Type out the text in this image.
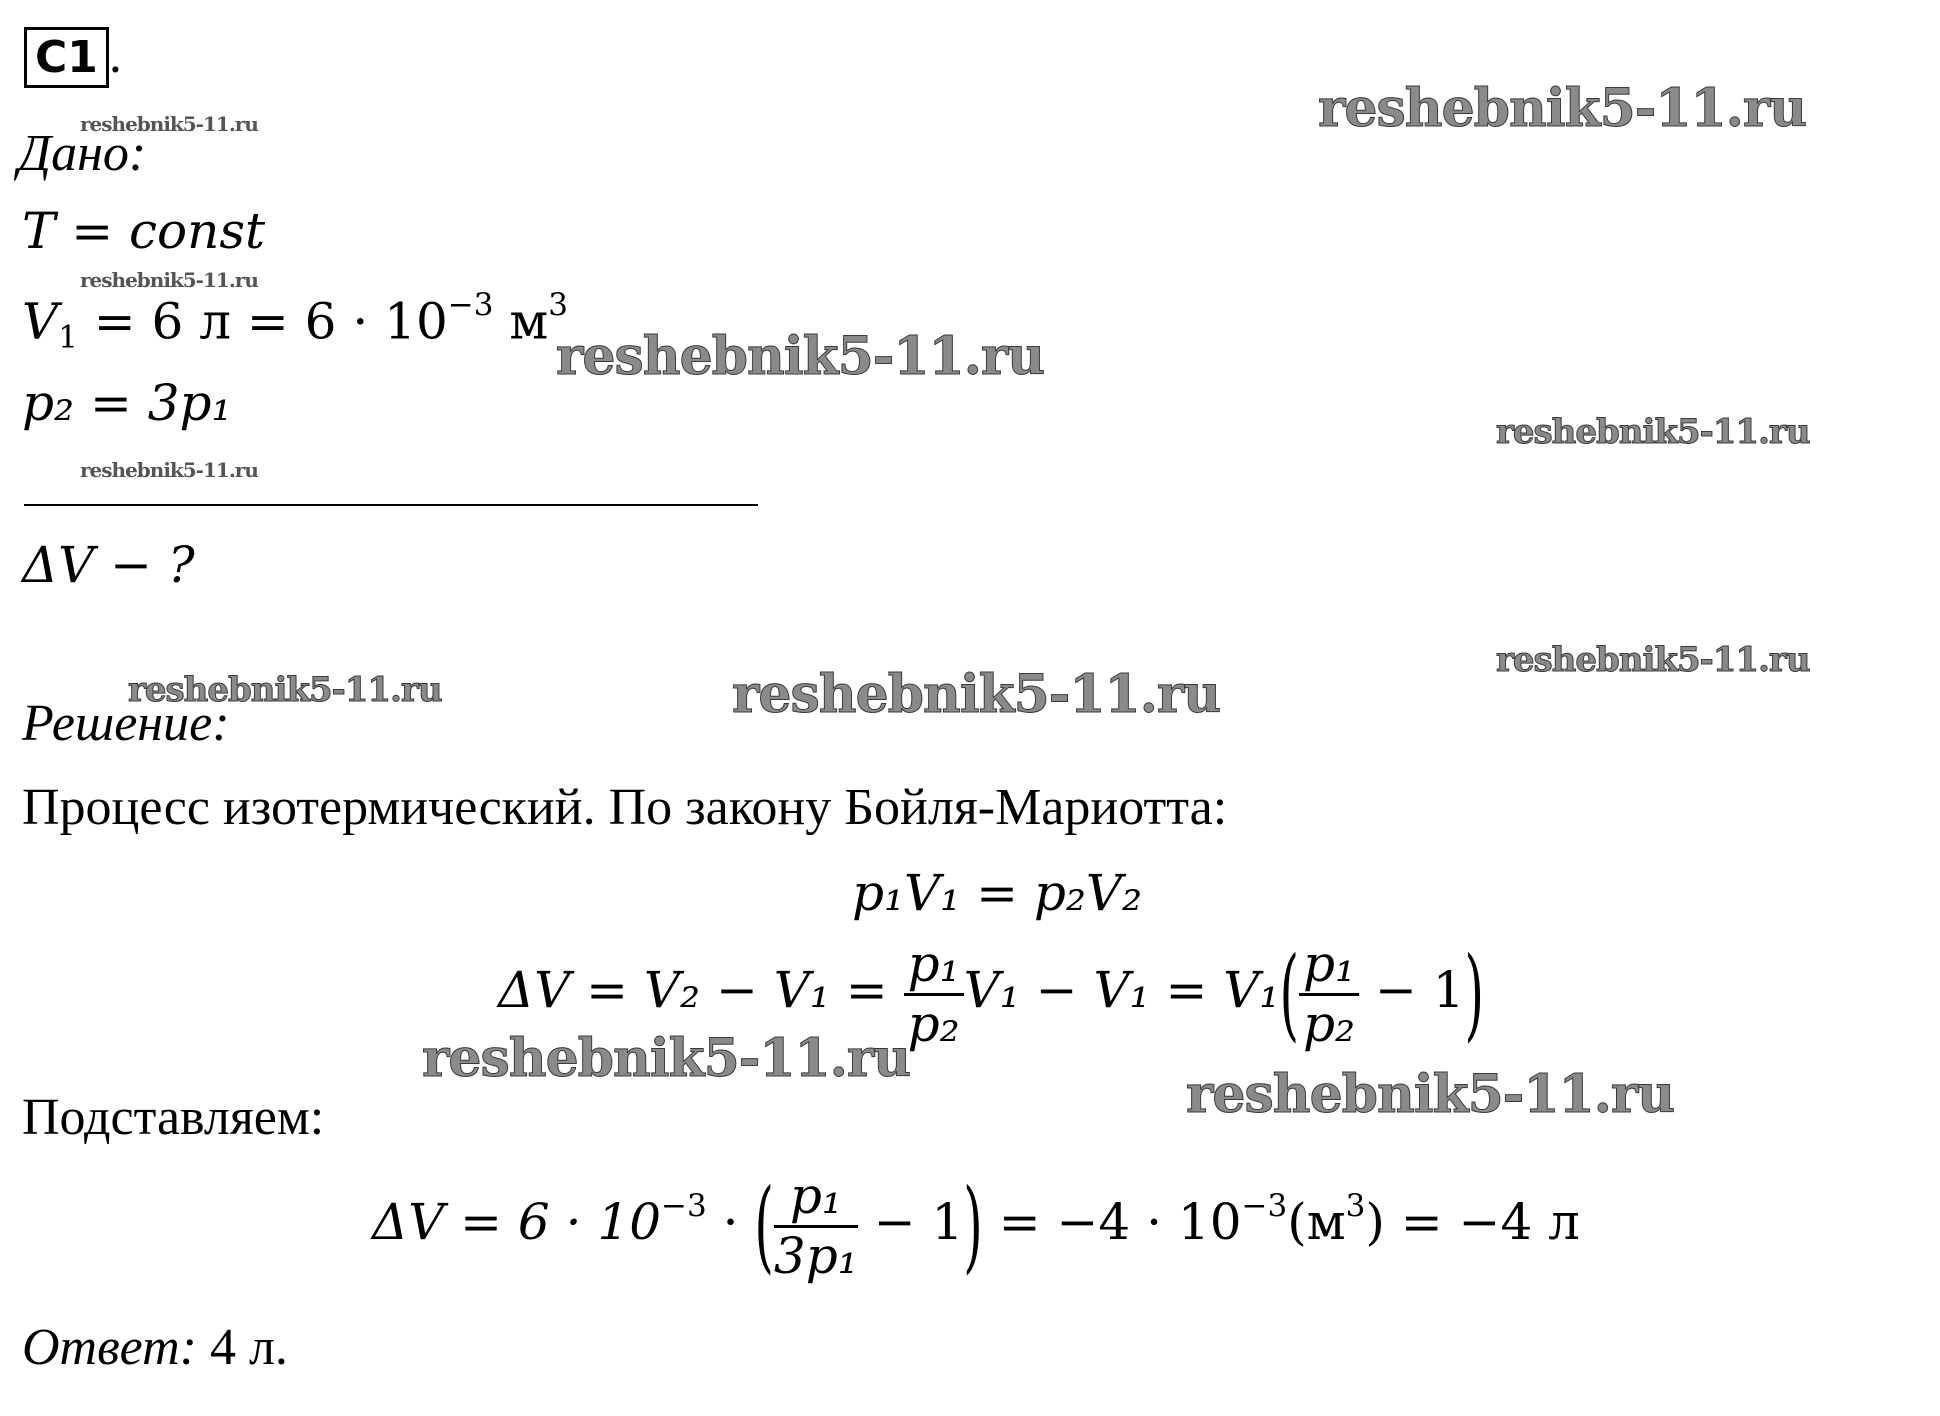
С1 .
Дано:
T = const
$V_1 = 6$ $л = 6 \cdot 10^{-3}$ $м^3$
p₂ = 3p₁
ΔV − ?
Решение:
Процесс изотермический. По закону Бойля-Мариотта:
p₁V₁ = p₂V₂
$\Delta V = V_2 - V_1 = \frac{\text{p₁}}{\text{p₂}} V_1 - V_1 = V_1( \frac{\text{p₁}}{\text{p₂}} - 1)$
Подставляем:
$\Delta V = 6 \cdot 10^{-3}$ · ( $\frac{\text{p₁}}{\text{3p₁}} - 1) = -4 \cdot 10^{-3}(м^3) = -4$ л
Ответ: 4 л.
reshebnik5-11.ru
reshebnik5-11.ru
reshebnik5-11.ru
reshebnik5-11.ru
reshebnik5-11.ru
reshebnik5-11.ru
reshebnik5-11.ru
reshebnik5-11.ru	reshebnik5-11.ru
reshebnik5-11.ru
reshebnik5-11.ru
